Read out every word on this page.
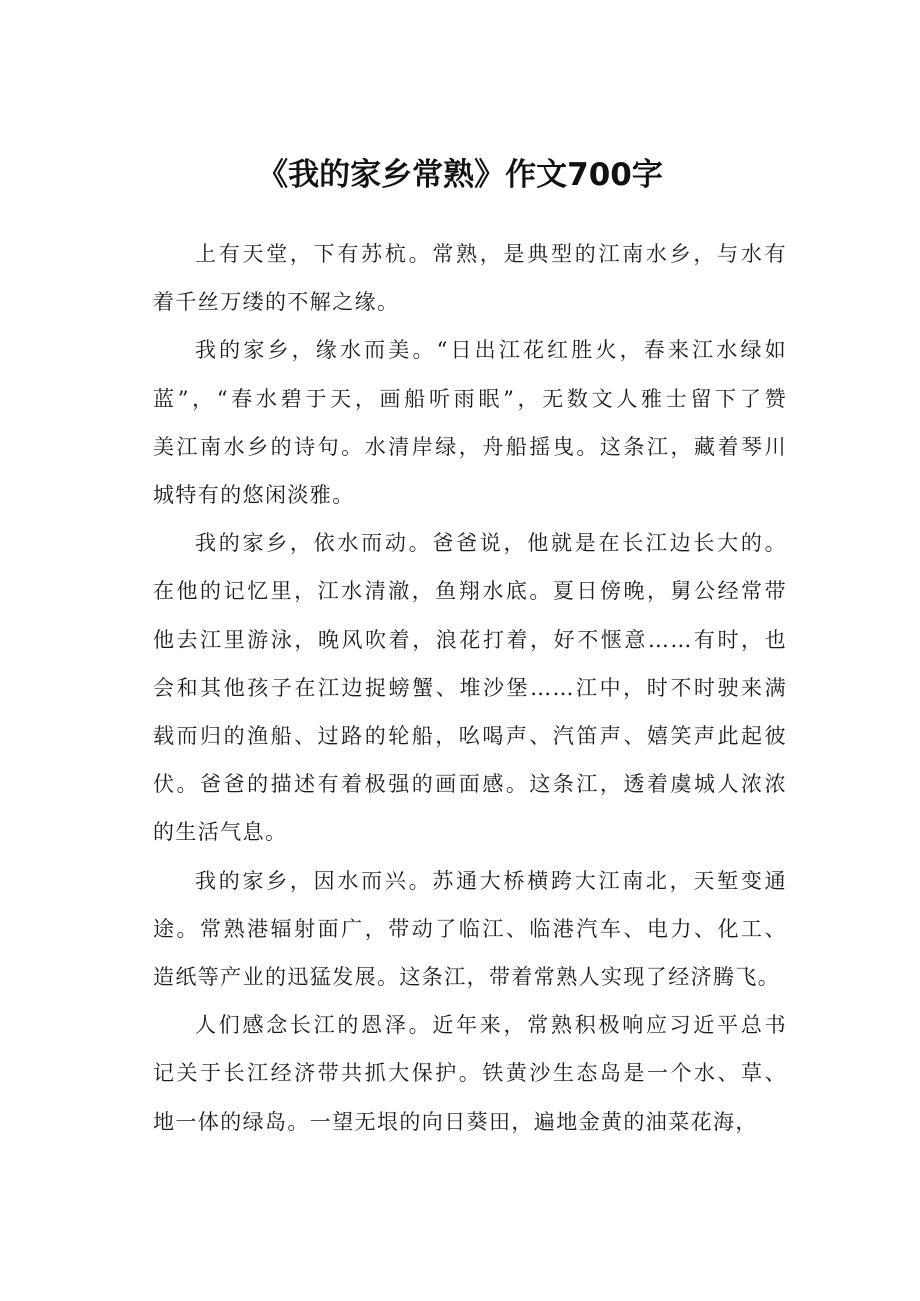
《我的家乡常熟》作文700字

上有天堂，下有苏杭。常熟，是典型的江南水乡，与水有
着千丝万缕的不解之缘。

我的家乡，缘水而美。“日出江花红胜火，春来江水绿如
蓝”，“春水碧于天，画船听雨眠”，无数文人雅士留下了赞
美江南水乡的诗句。水清岸绿，舟船摇曳。这条江，藏着琴川
城特有的悠闲淡雅。

我的家乡，依水而动。爸爸说，他就是在长江边长大的。
在他的记忆里，江水清澈，鱼翔水底。夏日傍晚，舅公经常带
他去江里游泳，晚风吹着，浪花打着，好不惬意……有时，也
会和其他孩子在江边捉螃蟹、堆沙堡……江中，时不时驶来满
载而归的渔船、过路的轮船，吆喝声、汽笛声、嬉笑声此起彼
伏。爸爸的描述有着极强的画面感。这条江，透着虞城人浓浓
的生活气息。

我的家乡，因水而兴。苏通大桥横跨大江南北，天堑变通
途。常熟港辐射面广，带动了临江、临港汽车、电力、化工、
造纸等产业的迅猛发展。这条江，带着常熟人实现了经济腾飞。

人们感念长江的恩泽。近年来，常熟积极响应习近平总书
记关于长江经济带共抓大保护。铁黄沙生态岛是一个水、草、
地一体的绿岛。一望无垠的向日葵田，遍地金黄的油菜花海，
